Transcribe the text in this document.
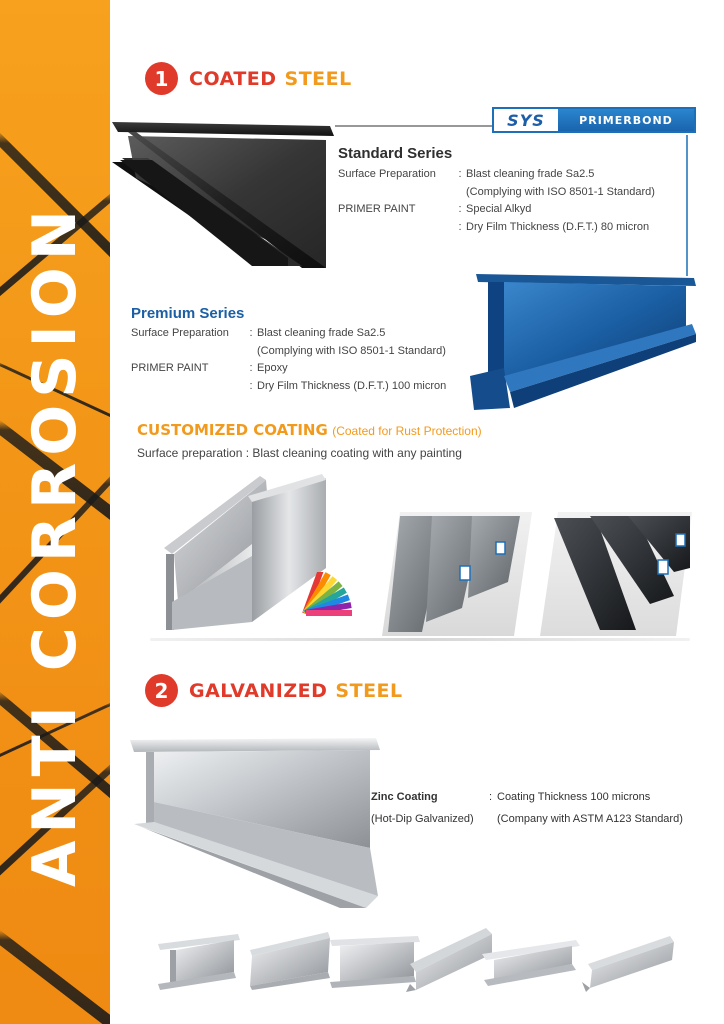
ANTI CORROSION
1	COATED STEEL
SYS	PRIMERBOND
Standard Series
Surface Preparation	: Blast cleaning frade Sa2.5
(Complying with ISO 8501-1 Standard)
PRIMER PAINT	: Special Alkyd
: Dry Film Thickness (D.F.T.) 80 micron
Premium Series
Surface Preparation	: Blast cleaning frade Sa2.5
(Complying with ISO 8501-1 Standard)
PRIMER PAINT	: Epoxy
: Dry Film Thickness (D.F.T.) 100 micron
CUSTOMIZED COATING (Coated for Rust Protection)
Surface preparation : Blast cleaning coating with any painting
2	GALVANIZED STEEL
Zinc Coating	: Coating Thickness 100 microns
(Hot-Dip Galvanized)	(Company with ASTM A123 Standard)
